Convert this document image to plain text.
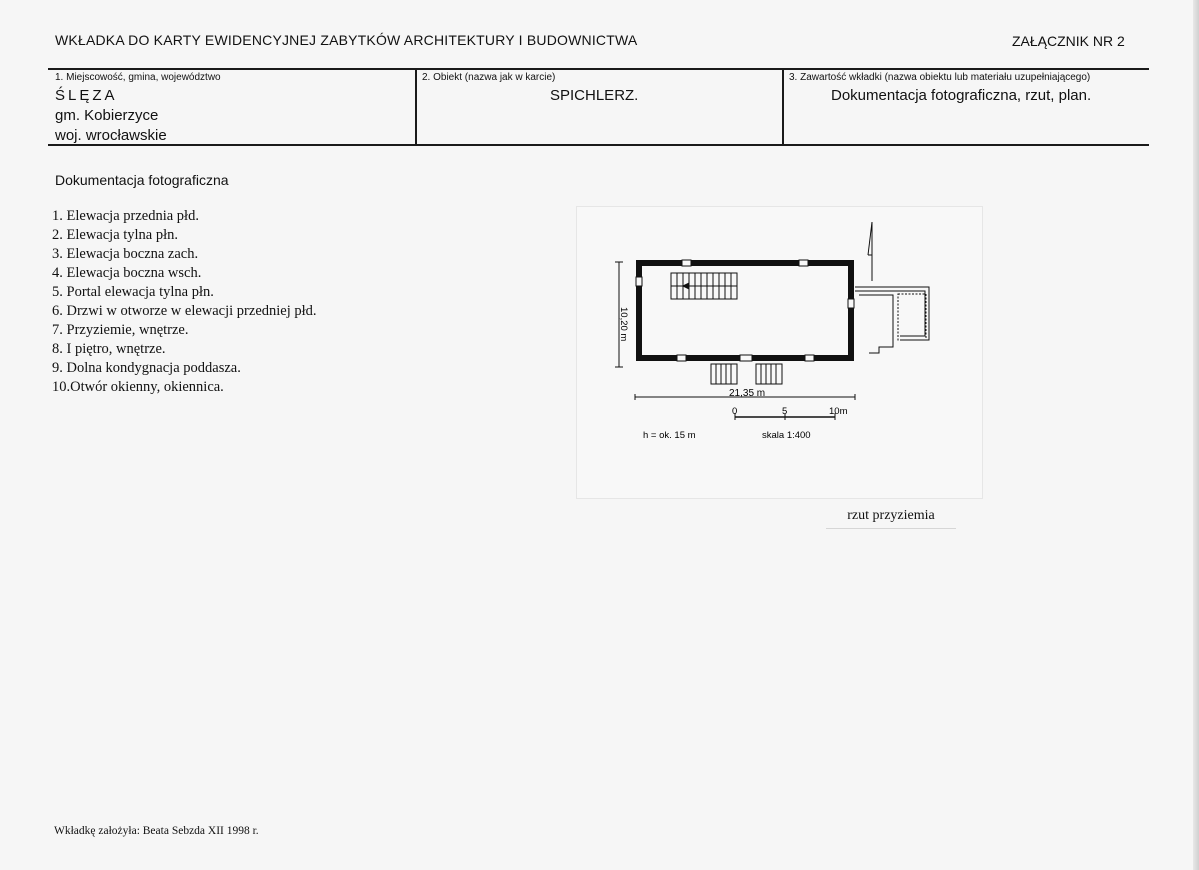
WKŁADKA DO KARTY EWIDENCYJNEJ ZABYTKÓW ARCHITEKTURY I BUDOWNICTWA	ZAŁĄCZNIK NR 2
1. Miejscowość, gmina, województwo
ŚLĘZA
gm. Kobierzyce
woj. wrocławskie
2. Obiekt (nazwa jak w karcie)
SPICHLERZ.
3. Zawartość wkładki (nazwa obiektu lub materiału uzupełniającego)
Dokumentacja fotograficzna, rzut, plan.
Dokumentacja fotograficzna
1. Elewacja przednia płd.
2. Elewacja tylna płn.
3. Elewacja boczna zach.
4. Elewacja boczna wsch.
5. Portal elewacja tylna płn.
6. Drzwi w otworze w elewacji przedniej płd.
7. Przyziemie, wnętrze.
8. I piętro, wnętrze.
9. Dolna kondygnacja poddasza.
10.Otwór okienny, okiennica.
10,20 m
21,35 m
0	5	10m
h = ok. 15 m	skala 1:400
rzut przyziemia
Wkładkę założyła: Beata Sebzda XII 1998 r.
